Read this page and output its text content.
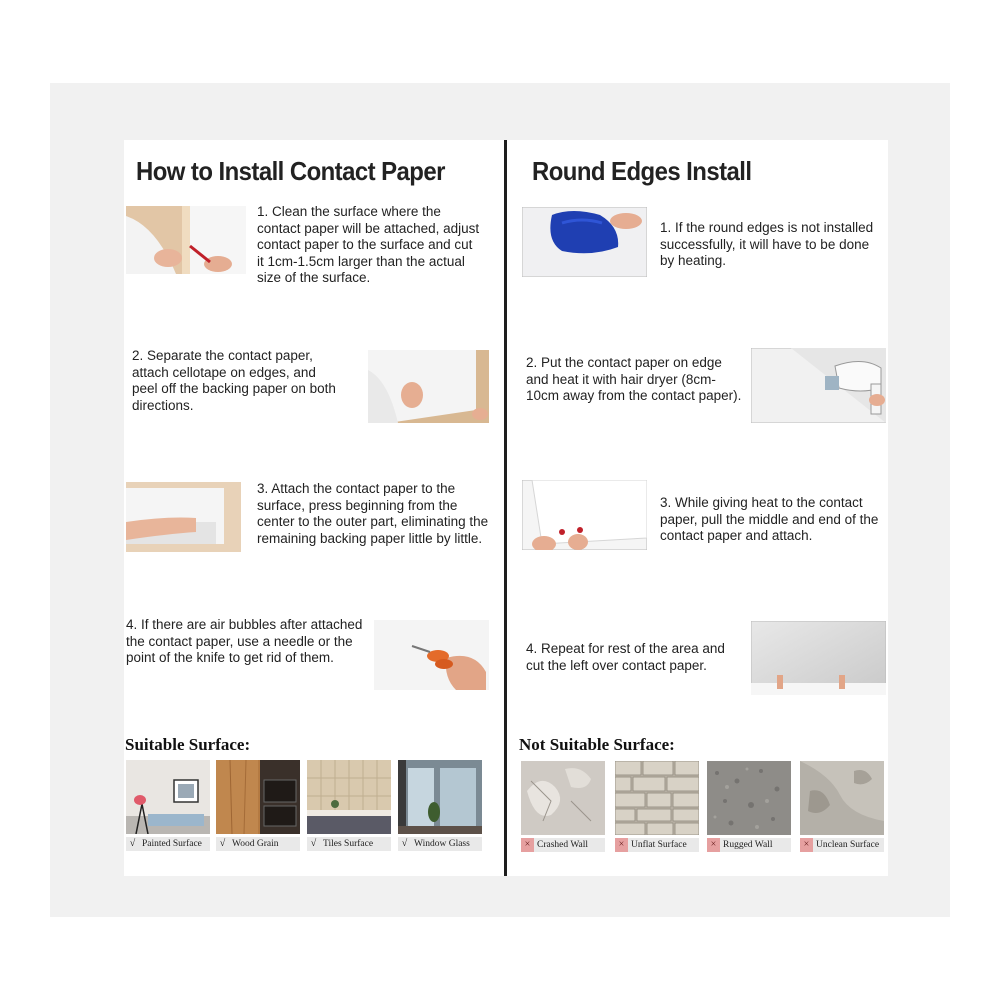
How to Install Contact Paper
1. Clean the surface where the contact paper will be attached, adjust contact paper to the surface and cut it 1cm-1.5cm larger than the actual size of the surface.
2. Separate the contact paper, attach cellotape on edges, and peel off the backing paper on both directions.
3. Attach the contact paper to the surface, press beginning from the center to the outer part, eliminating the remaining backing paper little by little.
4. If there are air bubbles after attached the contact paper, use a needle or the point of the knife to get rid of them.
Suitable Surface:
√ Painted Surface	√ Wood Grain	√ Tiles Surface	√ Window Glass
Round Edges Install
1. If the round edges is not installed successfully, it will have to be done by heating.
2. Put the contact paper on edge and heat it with hair dryer (8cm-10cm away from the contact paper).
3. While giving heat to the contact paper, pull the middle and end of the contact paper and attach.
4. Repeat for rest of the area and cut the left over contact paper.
Not Suitable Surface:
× Crashed Wall	× Unflat Surface	× Rugged Wall	× Unclean Surface
